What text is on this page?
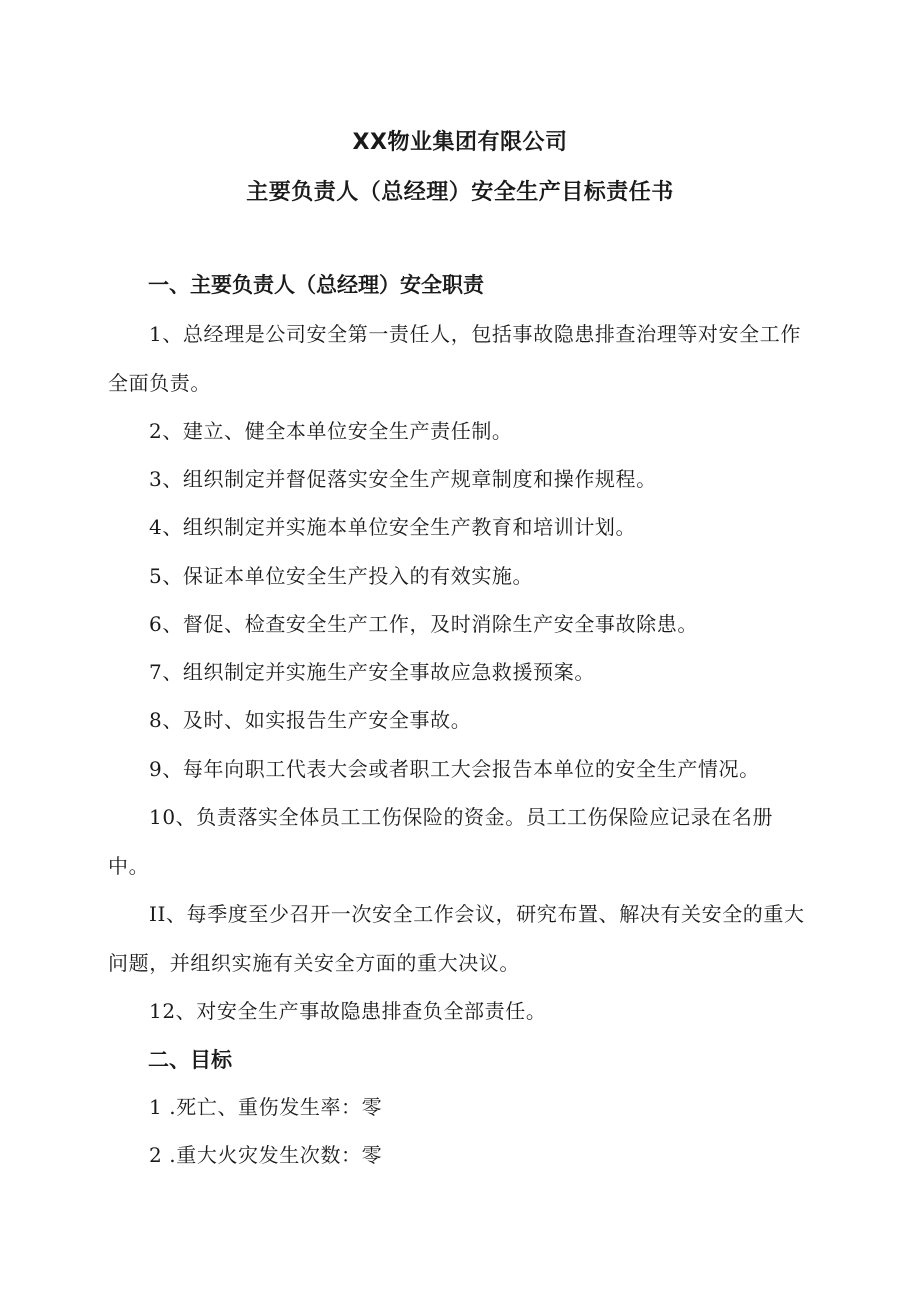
XX物业集团有限公司
主要负责人（总经理）安全生产目标责任书
一、主要负责人（总经理）安全职责
1、总经理是公司安全第一责任人，包括事故隐患排查治理等对安全工作全面负责。
2、建立、健全本单位安全生产责任制。
3、组织制定并督促落实安全生产规章制度和操作规程。
4、组织制定并实施本单位安全生产教育和培训计划。
5、保证本单位安全生产投入的有效实施。
6、督促、检查安全生产工作，及时消除生产安全事故除患。
7、组织制定并实施生产安全事故应急救援预案。
8、及时、如实报告生产安全事故。
9、每年向职工代表大会或者职工大会报告本单位的安全生产情况。
10、负责落实全体员工工伤保险的资金。员工工伤保险应记录在名册中。
II、每季度至少召开一次安全工作会议，研究布置、解决有关安全的重大问题，并组织实施有关安全方面的重大决议。
12、对安全生产事故隐患排查负全部责任。
二、目标
1 .死亡、重伤发生率：零
2 .重大火灾发生次数：零
